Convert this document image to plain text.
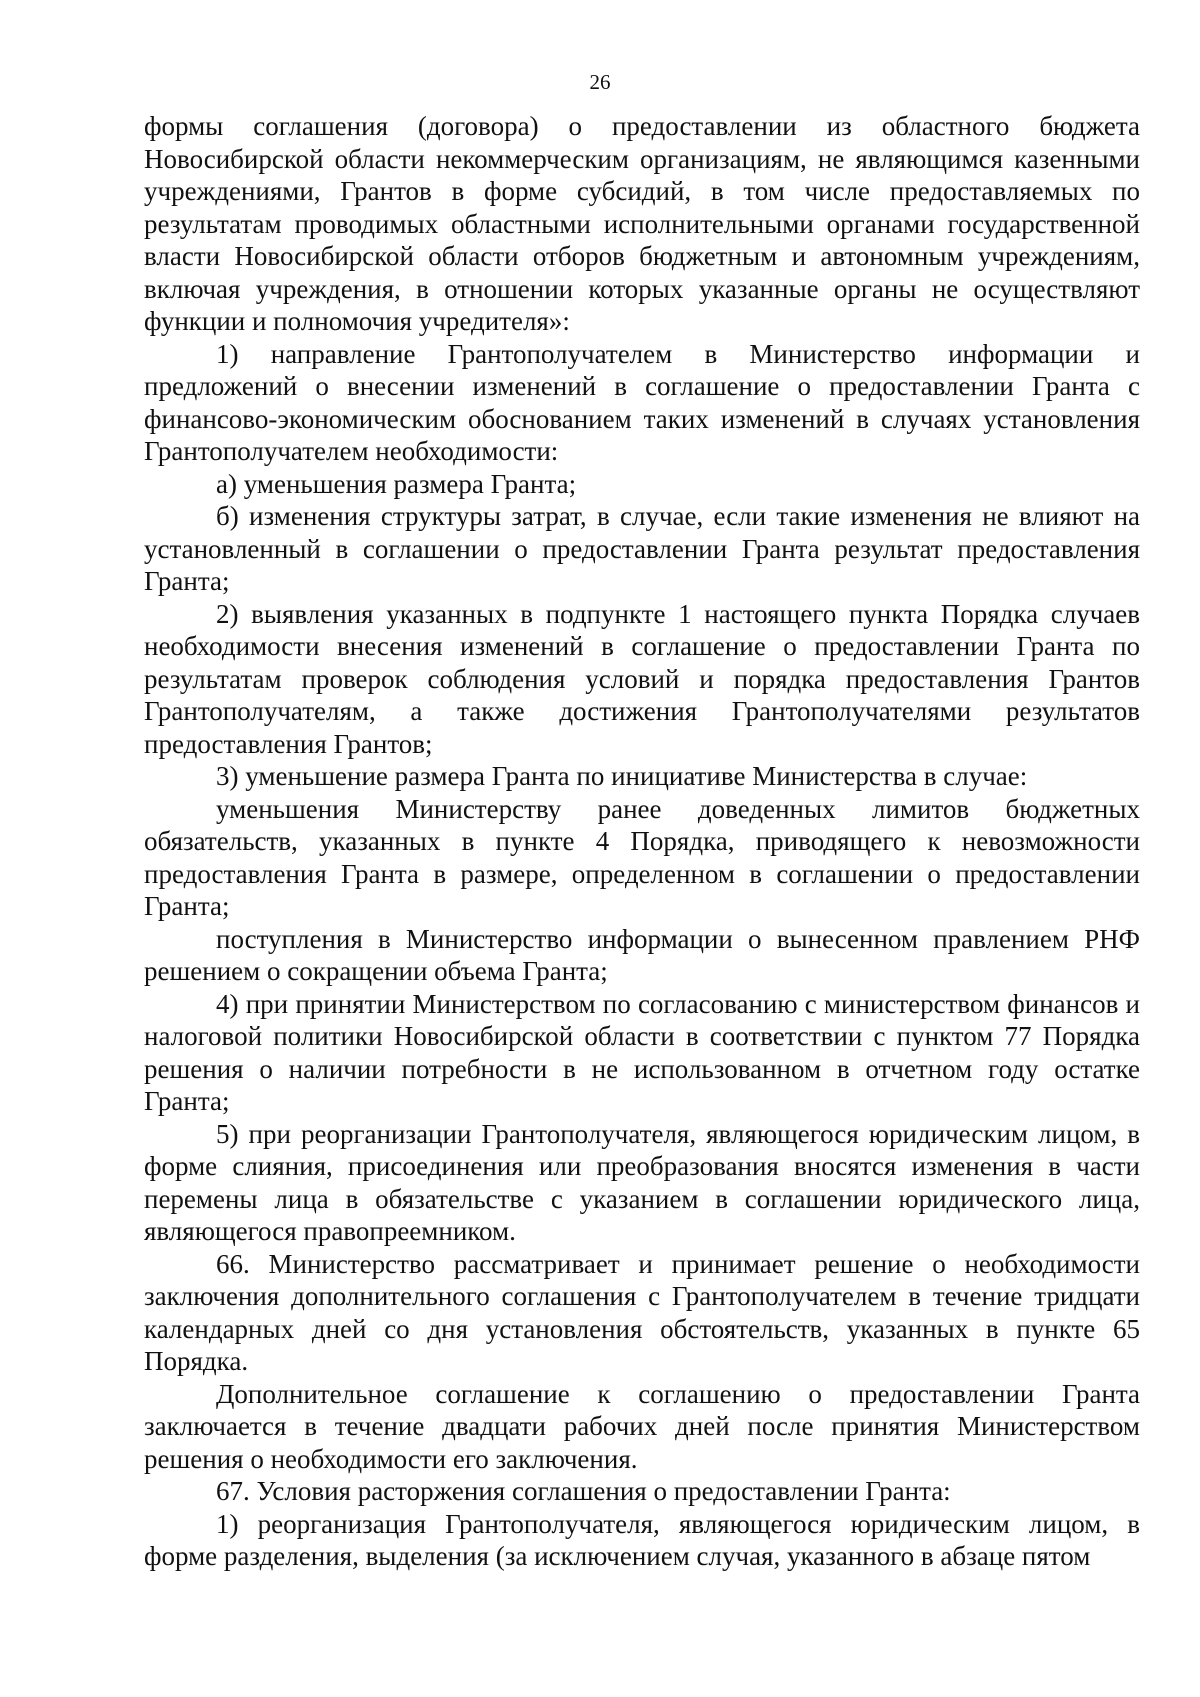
26

формы соглашения (договора) о предоставлении из областного бюджета Новосибирской области некоммерческим организациям, не являющимся казенными учреждениями, Грантов в форме субсидий, в том числе предоставляемых по результатам проводимых областными исполнительными органами государственной власти Новосибирской области отборов бюджетным и автономным учреждениям, включая учреждения, в отношении которых указанные органы не осуществляют функции и полномочия учредителя»:

1) направление Грантополучателем в Министерство информации и предложений о внесении изменений в соглашение о предоставлении Гранта с финансово-экономическим обоснованием таких изменений в случаях установления Грантополучателем необходимости:

а) уменьшения размера Гранта;

б) изменения структуры затрат, в случае, если такие изменения не влияют на установленный в соглашении о предоставлении Гранта результат предоставления Гранта;

2) выявления указанных в подпункте 1 настоящего пункта Порядка случаев необходимости внесения изменений в соглашение о предоставлении Гранта по результатам проверок соблюдения условий и порядка предоставления Грантов Грантополучателям, а также достижения Грантополучателями результатов предоставления Грантов;

3) уменьшение размера Гранта по инициативе Министерства в случае:

уменьшения Министерству ранее доведенных лимитов бюджетных обязательств, указанных в пункте 4 Порядка, приводящего к невозможности предоставления Гранта в размере, определенном в соглашении о предоставлении Гранта;

поступления в Министерство информации о вынесенном правлением РНФ решением о сокращении объема Гранта;

4) при принятии Министерством по согласованию с министерством финансов и налоговой политики Новосибирской области в соответствии с пунктом 77 Порядка решения о наличии потребности в не использованном в отчетном году остатке Гранта;

5) при реорганизации Грантополучателя, являющегося юридическим лицом, в форме слияния, присоединения или преобразования вносятся изменения в части перемены лица в обязательстве с указанием в соглашении юридического лица, являющегося правопреемником.

66. Министерство рассматривает и принимает решение о необходимости заключения дополнительного соглашения с Грантополучателем в течение тридцати календарных дней со дня установления обстоятельств, указанных в пункте 65 Порядка.

Дополнительное соглашение к соглашению о предоставлении Гранта заключается в течение двадцати рабочих дней после принятия Министерством решения о необходимости его заключения.

67. Условия расторжения соглашения о предоставлении Гранта:

1) реорганизация Грантополучателя, являющегося юридическим лицом, в форме разделения, выделения (за исключением случая, указанного в абзаце пятом
